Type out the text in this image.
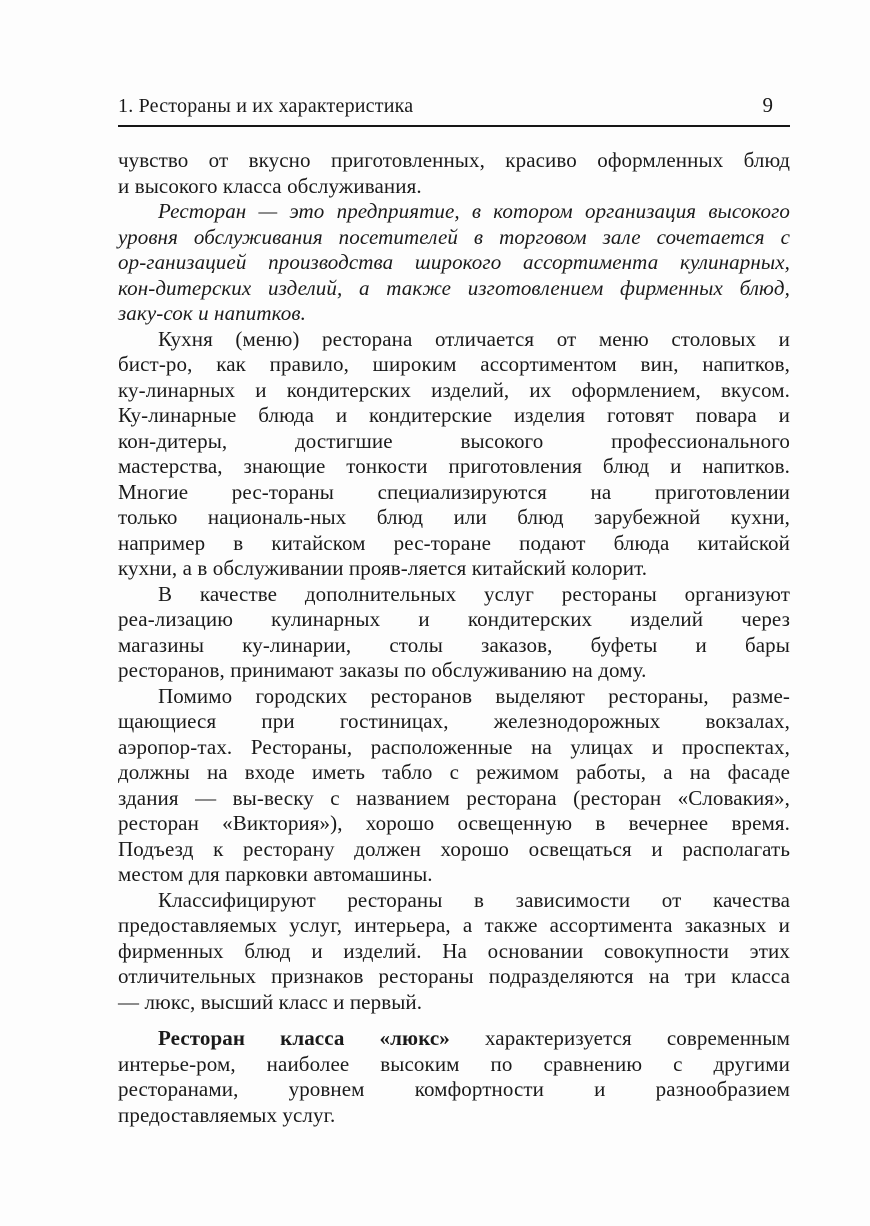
1. Рестораны и их характеристика	9
чувство от вкусно приготовленных, красиво оформленных блюд
и высокого класса обслуживания.
Ресторан — это предприятие, в котором организация высокого
уровня обслуживания посетителей в торговом зале сочетается с
ор-ганизацией производства широкого ассортимента кулинарных,
кон-дитерских изделий, а также изготовлением фирменных блюд,
заку-сок и напитков.
Кухня (меню) ресторана отличается от меню столовых и
бист-ро, как правило, широким ассортиментом вин, напитков,
ку-линарных и кондитерских изделий, их оформлением, вкусом.
Ку-линарные блюда и кондитерские изделия готовят повара и
кон-дитеры, достигшие высокого профессионального
мастерства, знающие тонкости приготовления блюд и напитков.
Многие рес-тораны специализируются на приготовлении
только националь-ных блюд или блюд зарубежной кухни,
например в китайском рес-торане подают блюда китайской
кухни, а в обслуживании прояв-ляется китайский колорит.
В качестве дополнительных услуг рестораны организуют
реа-лизацию кулинарных и кондитерских изделий через
магазины ку-линарии, столы заказов, буфеты и бары
ресторанов, принимают заказы по обслуживанию на дому.
Помимо городских ресторанов выделяют рестораны, разме-
щающиеся при гостиницах, железнодорожных вокзалах,
аэропор-тах. Рестораны, расположенные на улицах и проспектах,
должны на входе иметь табло с режимом работы, а на фасаде
здания — вы-веску с названием ресторана (ресторан «Словакия»,
ресторан «Виктория»), хорошо освещенную в вечернее время.
Подъезд к ресторану должен хорошо освещаться и располагать
местом для парковки автомашины.
Классифицируют рестораны в зависимости от качества
предоставляемых услуг, интерьера, а также ассортимента заказных и
фирменных блюд и изделий. На основании совокупности этих
отличительных признаков рестораны подразделяются на три класса
— люкс, высший класс и первый.
Ресторан класса «люкс» характеризуется современным
интерье-ром, наиболее высоким по сравнению с другими
ресторанами, уровнем комфортности и разнообразием
предоставляемых услуг.
